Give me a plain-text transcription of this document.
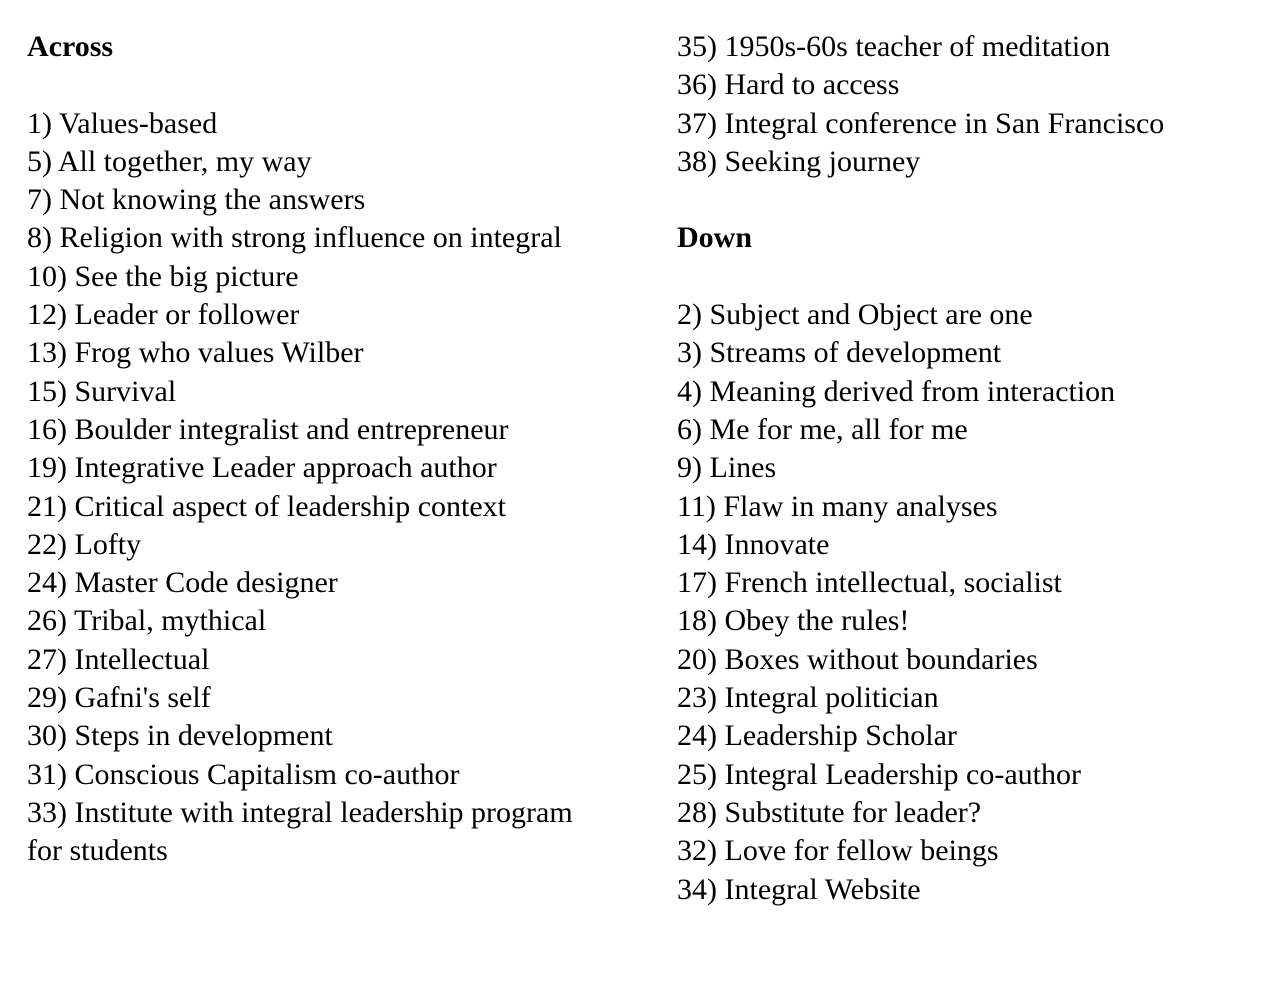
Across
1) Values-based
5) All together, my way
7) Not knowing the answers
8) Religion with strong influence on integral
10) See the big picture
12) Leader or follower
13) Frog who values Wilber
15) Survival
16) Boulder integralist and entrepreneur
19) Integrative Leader approach author
21) Critical aspect of leadership context
22) Lofty
24) Master Code designer
26) Tribal, mythical
27) Intellectual
29) Gafni's self
30) Steps in development
31) Conscious Capitalism co-author
33) Institute with integral leadership program for students
35) 1950s-60s teacher of meditation
36) Hard to access
37) Integral conference in San Francisco
38) Seeking journey
Down
2) Subject and Object are one
3) Streams of development
4) Meaning derived from interaction
6) Me for me, all for me
9) Lines
11) Flaw in many analyses
14) Innovate
17) French intellectual, socialist
18) Obey the rules!
20) Boxes without boundaries
23) Integral politician
24) Leadership Scholar
25) Integral Leadership co-author
28) Substitute for leader?
32) Love for fellow beings
34) Integral Website
